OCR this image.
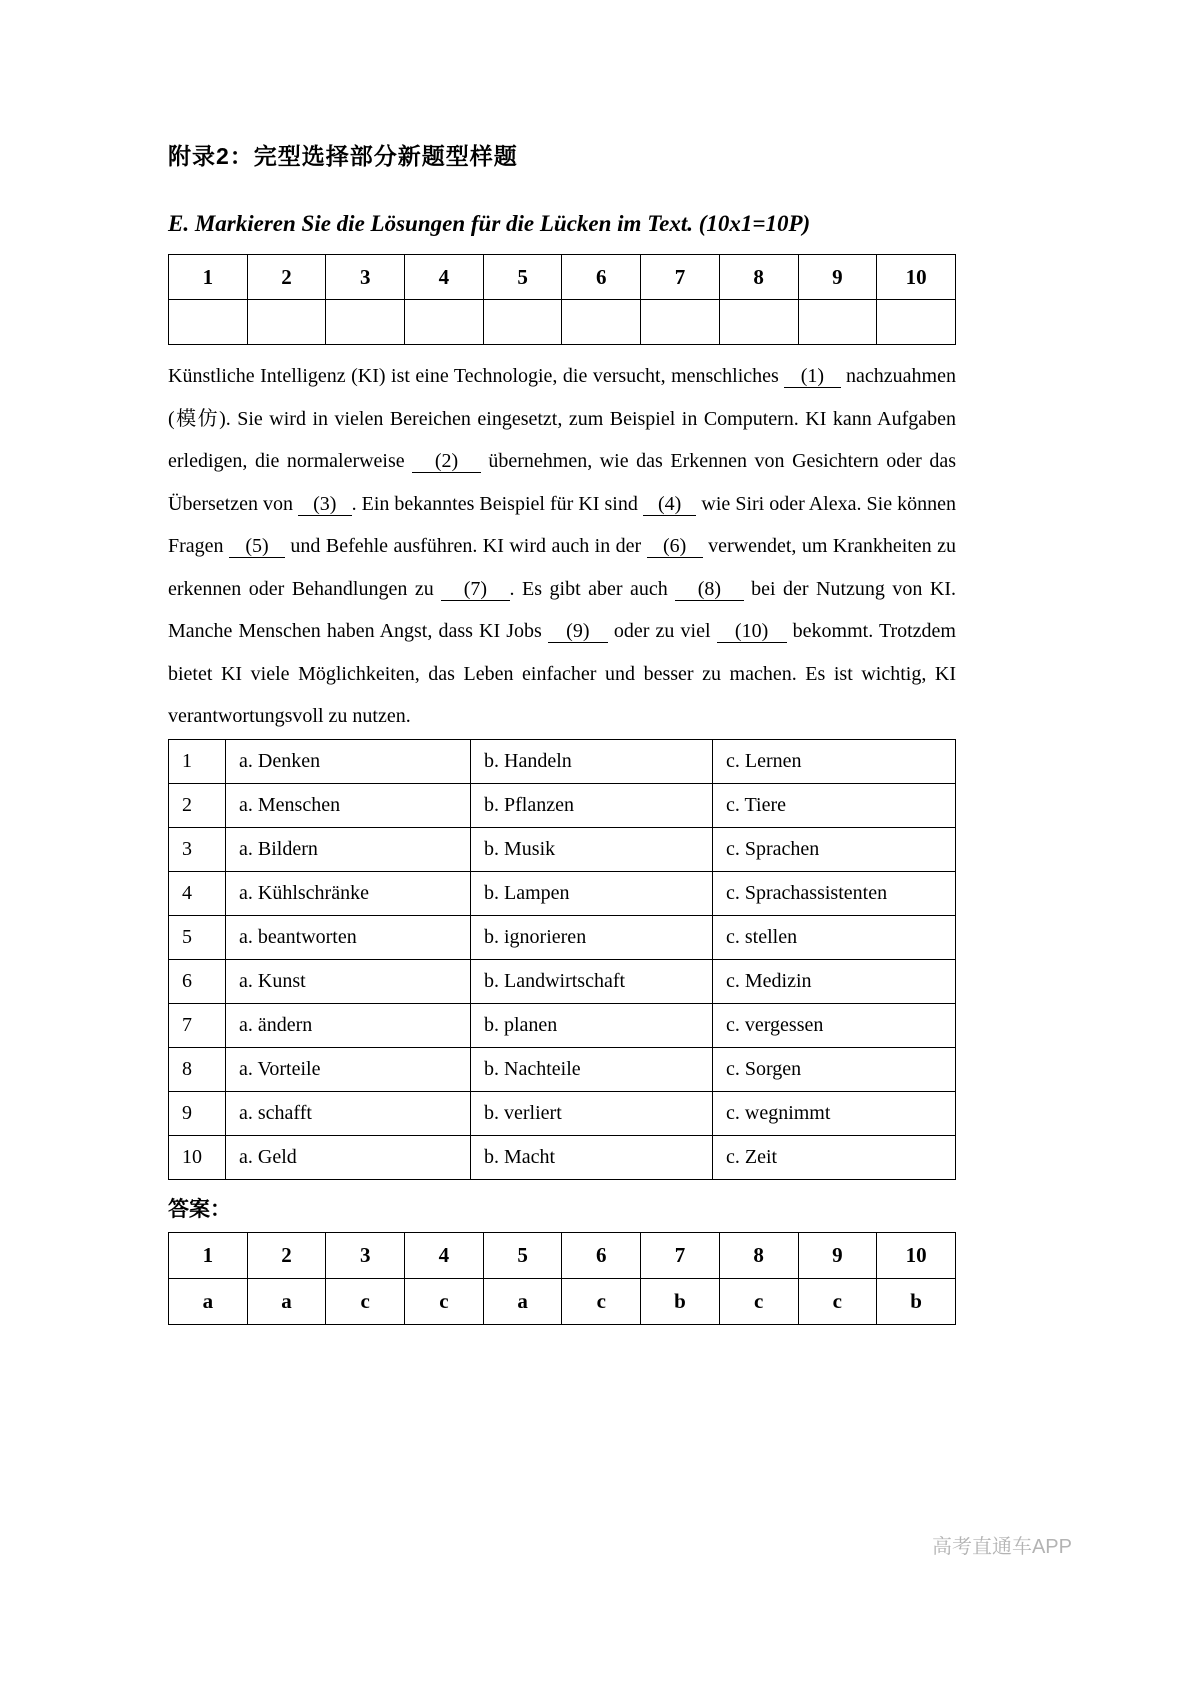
附录2：完型选择部分新题型样题
E. Markieren Sie die Lösungen für die Lücken im Text. (10x1=10P)
1	2	3	4	5	6	7	8	9	10

Künstliche Intelligenz (KI) ist eine Technologie, die versucht, menschliches    (1)    nachzuahmen (模仿). Sie wird in vielen Bereichen eingesetzt, zum Beispiel in Computern. KI kann Aufgaben erledigen, die normalerweise    (2)    übernehmen, wie das Erkennen von Gesichtern oder das Übersetzen von    (3)   . Ein bekanntes Beispiel für KI sind    (4)    wie Siri oder Alexa. Sie können Fragen    (5)    und Befehle ausführen. KI wird auch in der    (6)    verwendet, um Krankheiten zu erkennen oder Behandlungen zu    (7)   . Es gibt aber auch    (8)    bei der Nutzung von KI. Manche Menschen haben Angst, dass KI Jobs    (9)    oder zu viel    (10)    bekommt. Trotzdem bietet KI viele Möglichkeiten, das Leben einfacher und besser zu machen. Es ist wichtig, KI verantwortungsvoll zu nutzen.

1	a. Denken	b. Handeln	c. Lernen
2	a. Menschen	b. Pflanzen	c. Tiere
3	a. Bildern	b. Musik	c. Sprachen
4	a. Kühlschränke	b. Lampen	c. Sprachassistenten
5	a. beantworten	b. ignorieren	c. stellen
6	a. Kunst	b. Landwirtschaft	c. Medizin
7	a. ändern	b. planen	c. vergessen
8	a. Vorteile	b. Nachteile	c. Sorgen
9	a. schafft	b. verliert	c. wegnimmt
10	a. Geld	b. Macht	c. Zeit
答案：
1	2	3	4	5	6	7	8	9	10
a	a	c	c	a	c	b	c	c	b
高考直通车APP
